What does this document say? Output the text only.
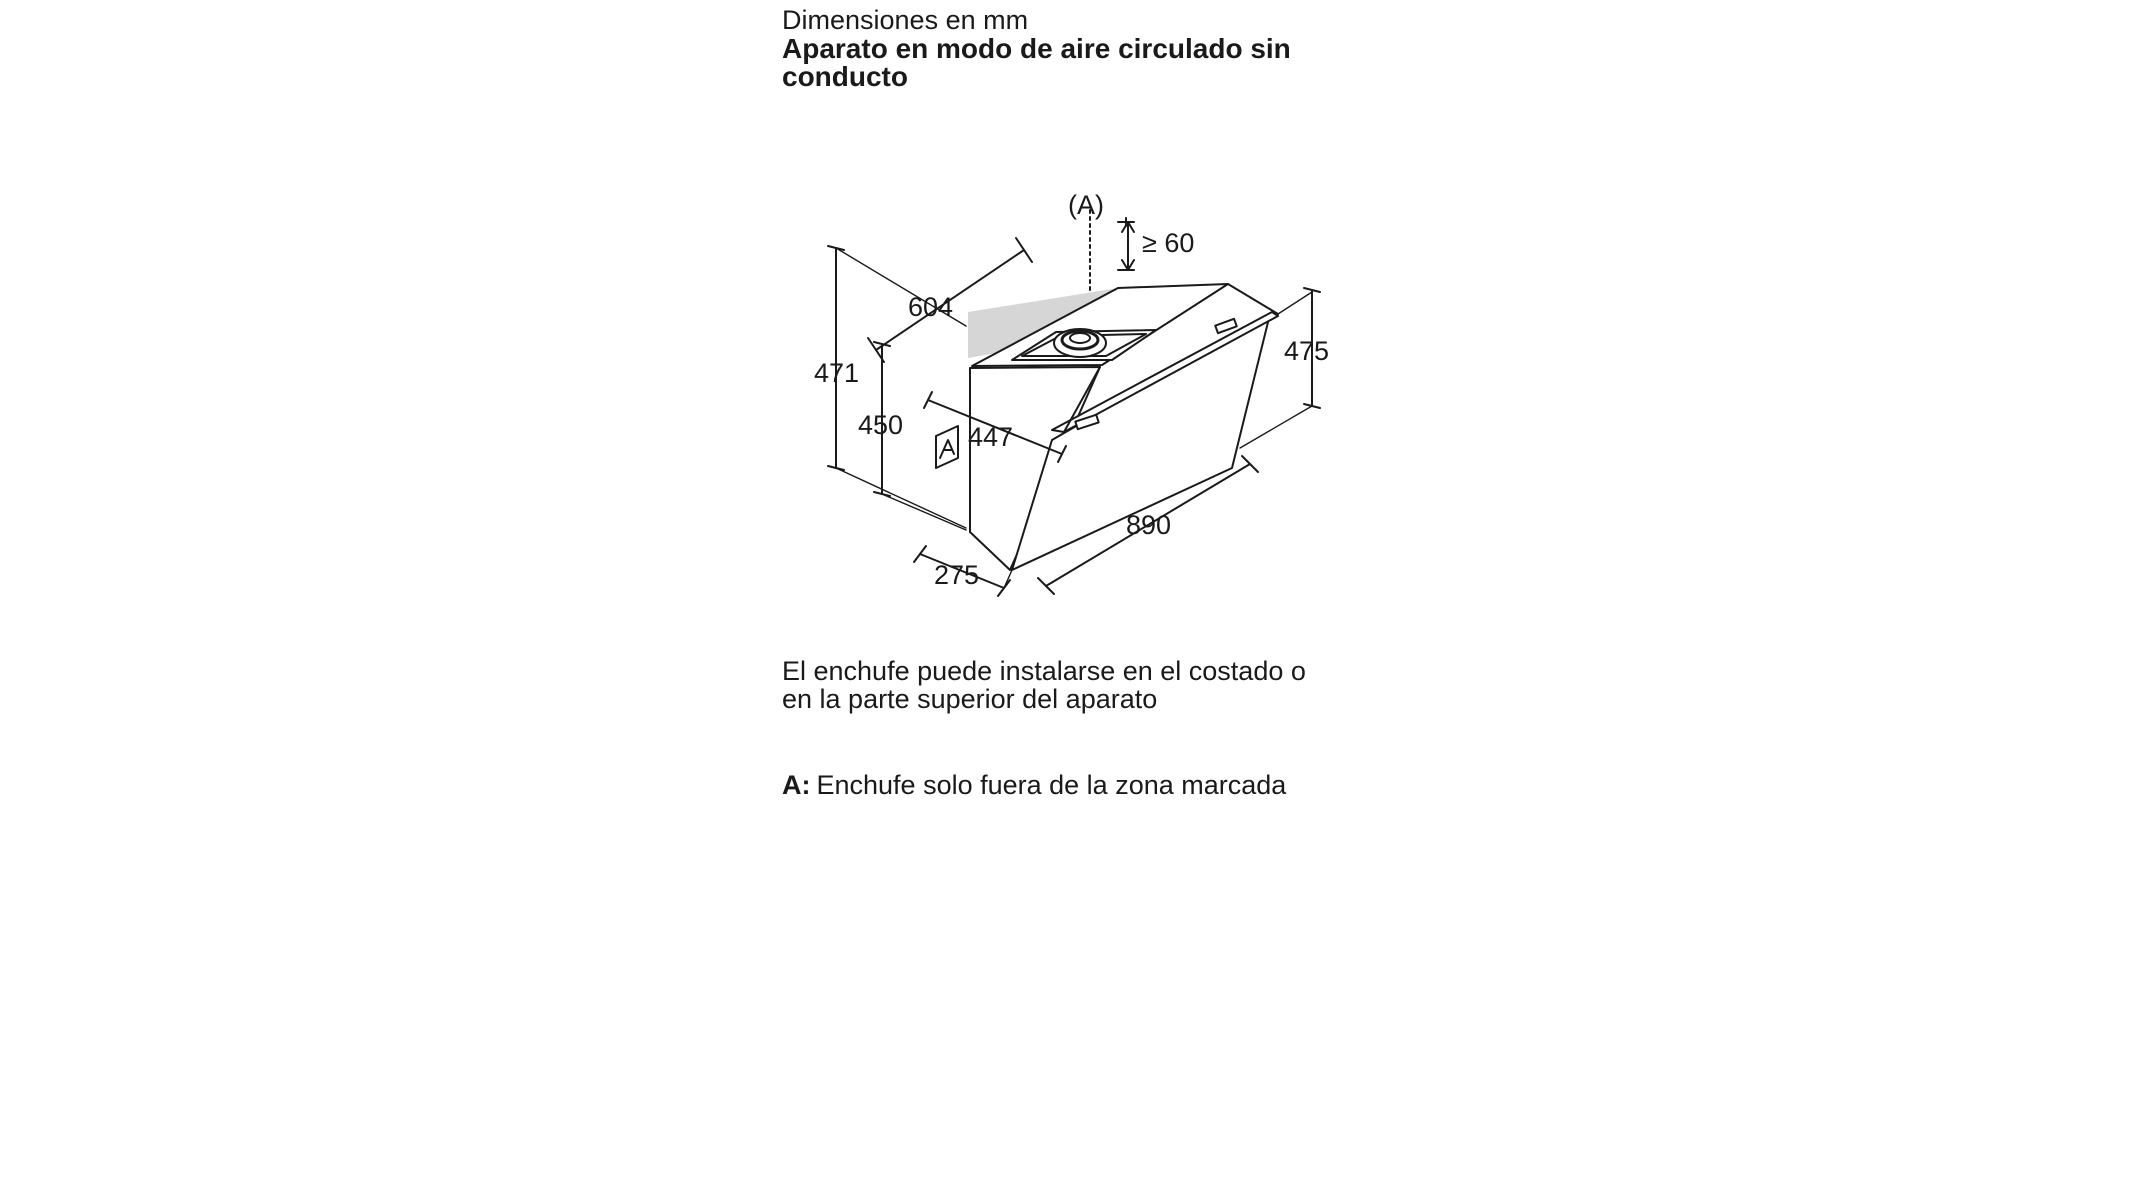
Dimensiones en mm
Aparato en modo de aire circulado sin
conducto
(A)
≥ 60
604
471
450 447
475
890
275
El enchufe puede instalarse en el costado o
en la parte superior del aparato
A: Enchufe solo fuera de la zona marcada
